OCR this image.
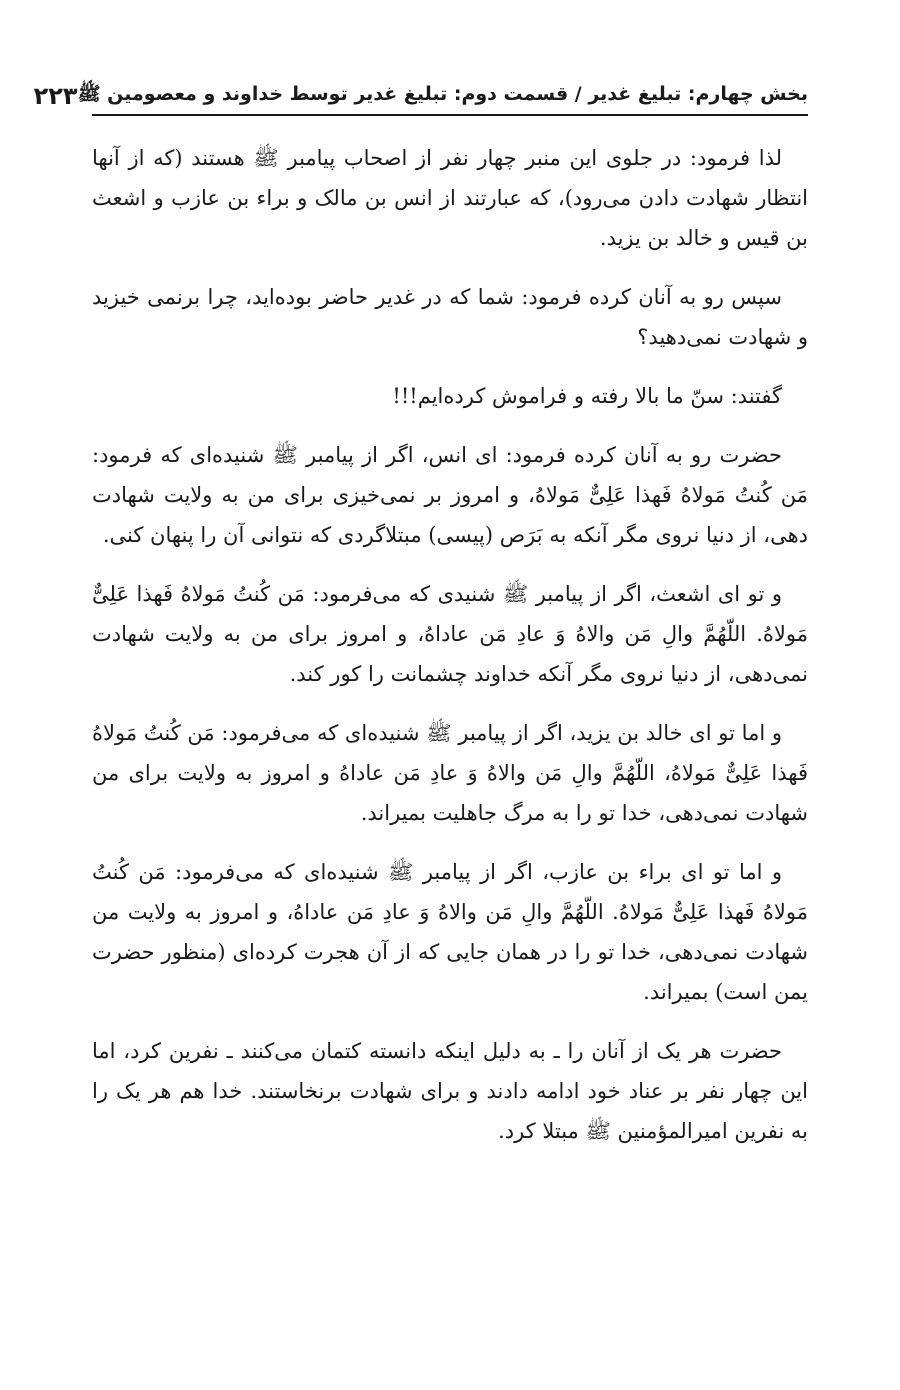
بخش چهارم: تبلیغ غدیر / قسمت دوم: تبلیغ غدیر توسط خداوند و معصومین ﷺ
۲۲۳

لذا فرمود: در جلوی این منبر چهار نفر از اصحاب پیامبر ﷺ هستند (که از آنها انتظار شهادت دادن می‌رود)، که عبارتند از انس بن مالک و براء بن عازب و اشعث بن قیس و خالد بن یزید.

سپس رو به آنان کرده فرمود: شما که در غدیر حاضر بوده‌اید، چرا برنمی خیزید و شهادت نمی‌دهید؟

گفتند: سنّ ما بالا رفته و فراموش کرده‌ایم!!!

حضرت رو به آنان کرده فرمود: ای انس، اگر از پیامبر ﷺ شنیده‌ای که فرمود: مَن کُنتُ مَولاهُ فَهذا عَلِیٌّ مَولاهُ، و امروز بر نمی‌خیزی برای من به ولایت شهادت دهی، از دنیا نروی مگر آنکه به بَرَص (پیسی) مبتلاگردی که نتوانی آن را پنهان کنی.

و تو ای اشعث، اگر از پیامبر ﷺ شنیدی که می‌فرمود: مَن کُنتُ مَولاهُ فَهذا عَلِیٌّ مَولاهُ. اللّهُمَّ والِ مَن والاهُ وَ عادِ مَن عاداهُ، و امروز برای من به ولایت شهادت نمی‌دهی، از دنیا نروی مگر آنکه خداوند چشمانت را کور کند.

و اما تو ای خالد بن یزید، اگر از پیامبر ﷺ شنیده‌ای که می‌فرمود: مَن کُنتُ مَولاهُ فَهذا عَلِیٌّ مَولاهُ، اللّهُمَّ والِ مَن والاهُ وَ عادِ مَن عاداهُ و امروز به ولایت برای من شهادت نمی‌دهی، خدا تو را به مرگ جاهلیت بمیراند.

و اما تو ای براء بن عازب، اگر از پیامبر ﷺ شنیده‌ای که می‌فرمود: مَن کُنتُ مَولاهُ فَهذا عَلِیٌّ مَولاهُ. اللّهُمَّ والِ مَن والاهُ وَ عادِ مَن عاداهُ، و امروز به ولایت من شهادت نمی‌دهی، خدا تو را در همان جایی که از آن هجرت کرده‌ای (منظور حضرت یمن است) بمیراند.

حضرت هر یک از آنان را ـ به دلیل اینکه دانسته کتمان می‌کنند ـ نفرین کرد، اما این چهار نفر بر عناد خود ادامه دادند و برای شهادت برنخاستند. خدا هم هر یک را به نفرین امیرالمؤمنین ﷺ مبتلا کرد.
